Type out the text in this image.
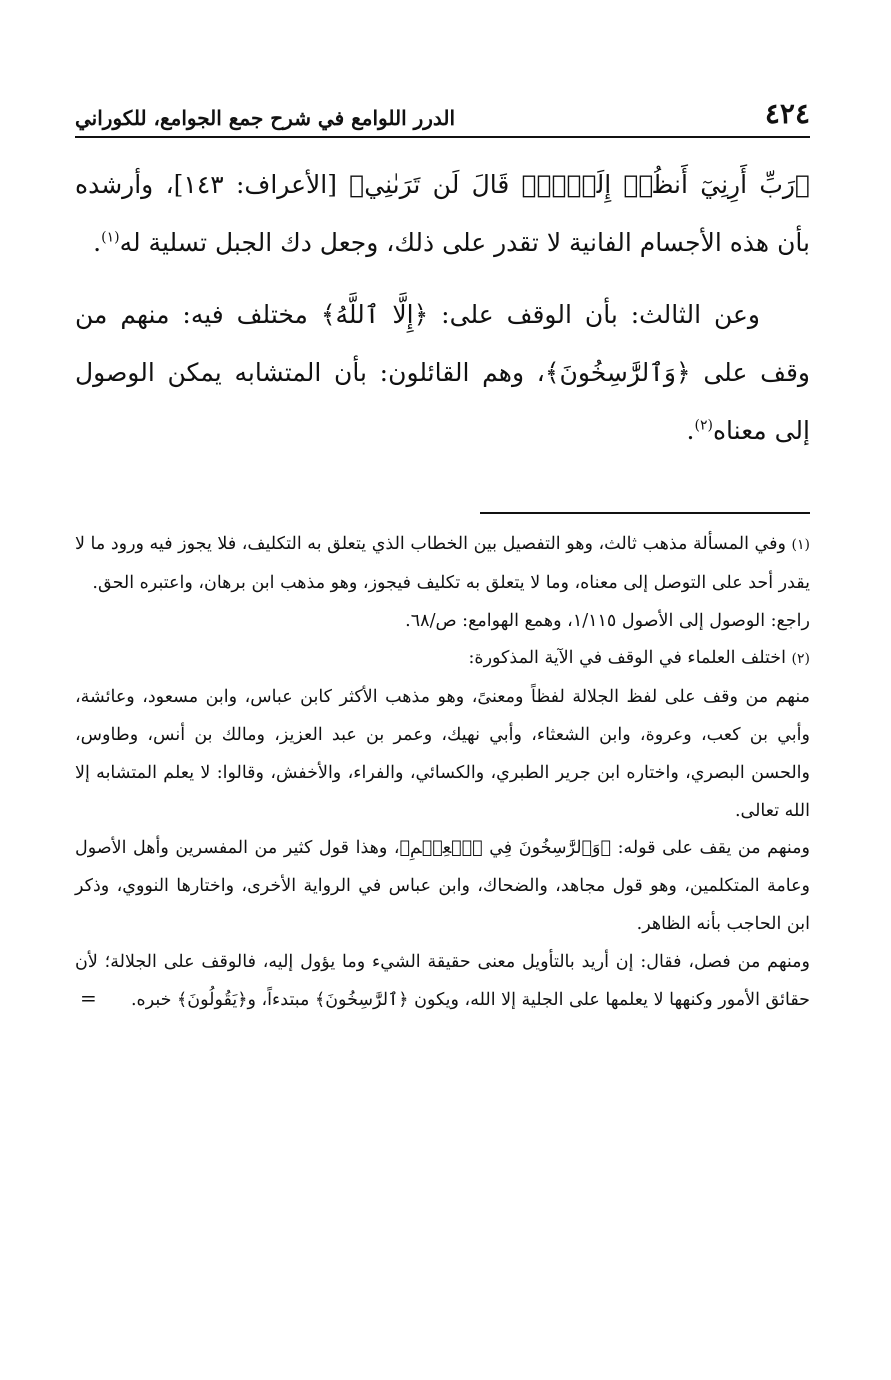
٤٢٤
الدرر اللوامع في شرح جمع الجوامع، للكوراني

﴿رَبِّ أَرِنِيٓ أَنظُرۡ إِلَيۡكَۚ قَالَ لَن تَرَىٰنِي﴾ [الأعراف: ١٤٣]، وأرشده بأن هذه الأجسام الفانية لا تقدر على ذلك، وجعل دك الجبل تسلية له$^{(١)}$.

  وعن الثالث: بأن الوقف على: ﴿إِلَّا ٱللَّهُ﴾ مختلف فيه: منهم من وقف على ﴿وَٱلرَّٰسِخُونَ﴾، وهم القائلون: بأن المتشابه يمكن الوصول إلى معناه$^{(٢)}$.

(١) وفي المسألة مذهب ثالث، وهو التفصيل بين الخطاب الذي يتعلق به التكليف، فلا يجوز فيه ورود ما لا يقدر أحد على التوصل إلى معناه، وما لا يتعلق به تكليف فيجوز، وهو مذهب ابن برهان، واعتبره الحق.

راجع: الوصول إلى الأصول ١/١١٥، وهمع الهوامع: ص/٦٨.

(٢) اختلف العلماء في الوقف في الآية المذكورة:

منهم من وقف على لفظ الجلالة لفظاً ومعنىً، وهو مذهب الأكثر كابن عباس، وابن مسعود، وعائشة، وأبي بن كعب، وعروة، وابن الشعثاء، وأبي نهيك، وعمر بن عبد العزيز، ومالك بن أنس، وطاوس، والحسن البصري، واختاره ابن جرير الطبري، والكسائي، والفراء، والأخفش، وقالوا: لا يعلم المتشابه إلا الله تعالى.

ومنهم من يقف على قوله: ﴿وَٱلرَّٰسِخُونَ فِي ٱلۡعِلۡمِ﴾، وهذا قول كثير من المفسرين وأهل الأصول وعامة المتكلمين، وهو قول مجاهد، والضحاك، وابن عباس في الرواية الأخرى، واختارها النووي، وذكر ابن الحاجب بأنه الظاهر.

ومنهم من فصل، فقال: إن أريد بالتأويل معنى حقيقة الشيء وما يؤول إليه، فالوقف على الجلالة؛ لأن حقائق الأمور وكنهها لا يعلمها على الجلية إلا الله، ويكون ﴿ٱلرَّٰسِخُونَ﴾ مبتدءاً، و﴿يَقُولُونَ﴾ خبره.

=
